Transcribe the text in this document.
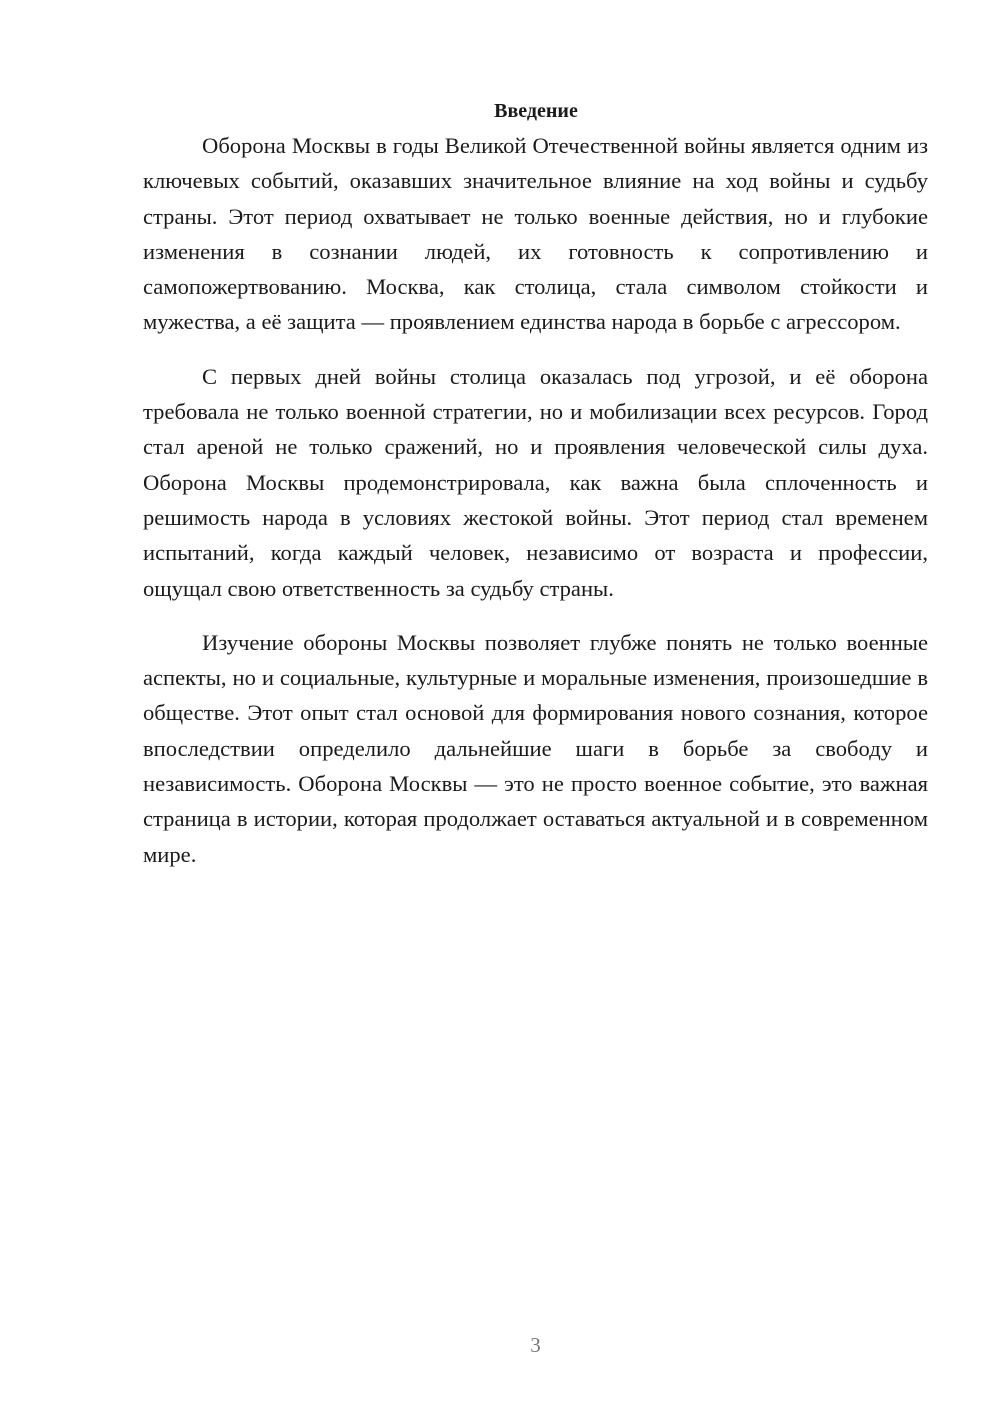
Введение

Оборона Москвы в годы Великой Отечественной войны является одним из ключевых событий, оказавших значительное влияние на ход войны и судьбу страны. Этот период охватывает не только военные действия, но и глубокие изменения в сознании людей, их готовность к сопротивлению и самопожертвованию. Москва, как столица, стала символом стойкости и мужества, а её защита — проявлением единства народа в борьбе с агрессором.

С первых дней войны столица оказалась под угрозой, и её оборона требовала не только военной стратегии, но и мобилизации всех ресурсов. Город стал ареной не только сражений, но и проявления человеческой силы духа. Оборона Москвы продемонстрировала, как важна была сплоченность и решимость народа в условиях жестокой войны. Этот период стал временем испытаний, когда каждый человек, независимо от возраста и профессии, ощущал свою ответственность за судьбу страны.

Изучение обороны Москвы позволяет глубже понять не только военные аспекты, но и социальные, культурные и моральные изменения, произошедшие в обществе. Этот опыт стал основой для формирования нового сознания, которое впоследствии определило дальнейшие шаги в борьбе за свободу и независимость. Оборона Москвы — это не просто военное событие, это важная страница в истории, которая продолжает оставаться актуальной и в современном мире.

3
